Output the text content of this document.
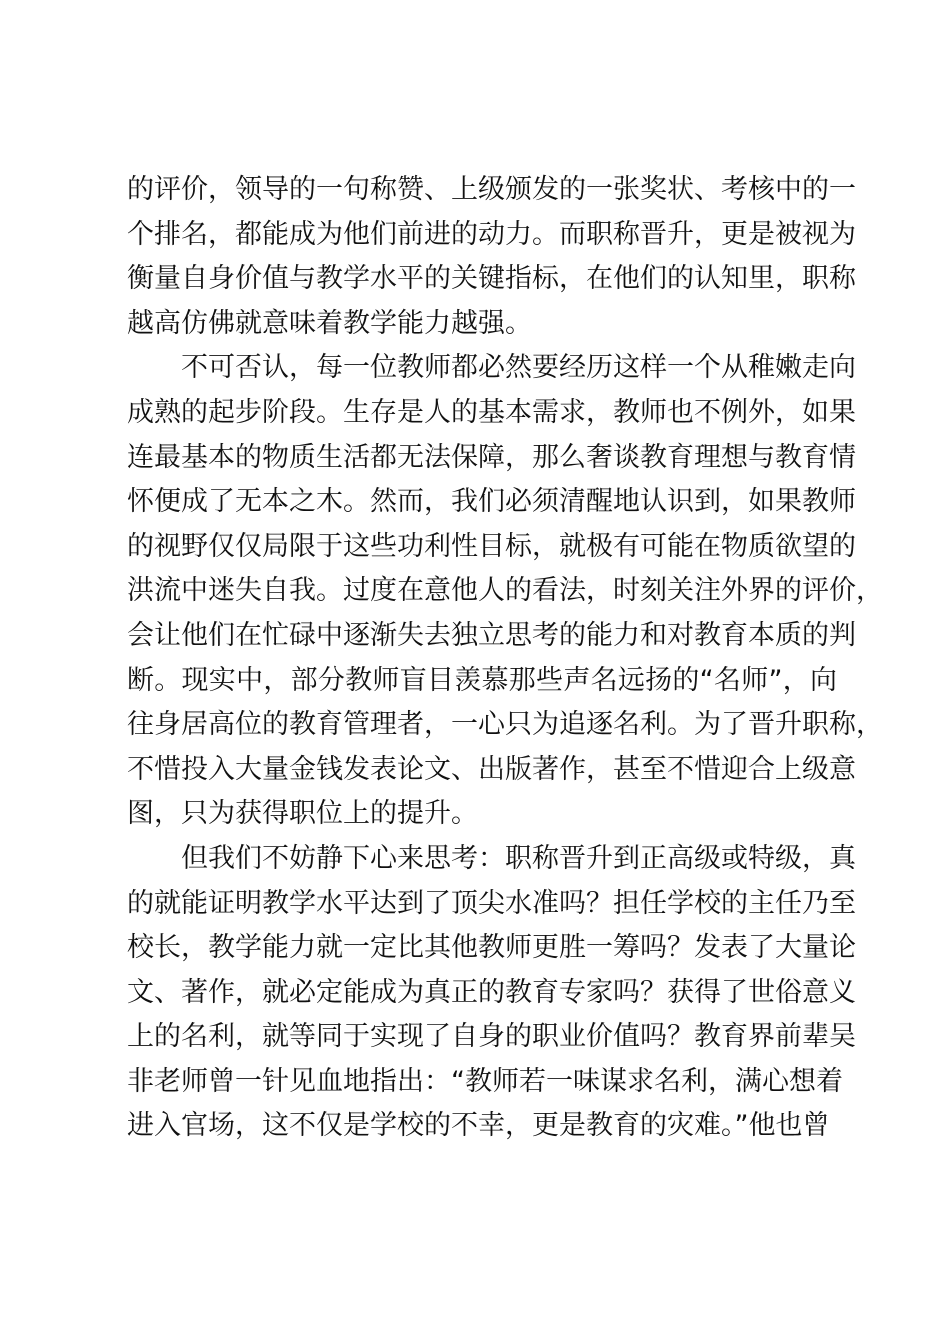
的评价，领导的一句称赞、上级颁发的一张奖状、考核中的一
个排名，都能成为他们前进的动力。而职称晋升，更是被视为
衡量自身价值与教学水平的关键指标，在他们的认知里，职称
越高仿佛就意味着教学能力越强。
不可否认，每一位教师都必然要经历这样一个从稚嫩走向
成熟的起步阶段。生存是人的基本需求，教师也不例外，如果
连最基本的物质生活都无法保障，那么奢谈教育理想与教育情
怀便成了无本之木。然而，我们必须清醒地认识到，如果教师
的视野仅仅局限于这些功利性目标，就极有可能在物质欲望的
洪流中迷失自我。过度在意他人的看法，时刻关注外界的评价，
会让他们在忙碌中逐渐失去独立思考的能力和对教育本质的判
断。现实中，部分教师盲目羡慕那些声名远扬的“名师”，向
往身居高位的教育管理者，一心只为追逐名利。为了晋升职称，
不惜投入大量金钱发表论文、出版著作，甚至不惜迎合上级意
图，只为获得职位上的提升。
但我们不妨静下心来思考：职称晋升到正高级或特级，真
的就能证明教学水平达到了顶尖水准吗？担任学校的主任乃至
校长，教学能力就一定比其他教师更胜一筹吗？发表了大量论
文、著作，就必定能成为真正的教育专家吗？获得了世俗意义
上的名利，就等同于实现了自身的职业价值吗？教育界前辈吴
非老师曾一针见血地指出：“教师若一味谋求名利，满心想着
进入官场，这不仅是学校的不幸，更是教育的灾难。”他也曾
